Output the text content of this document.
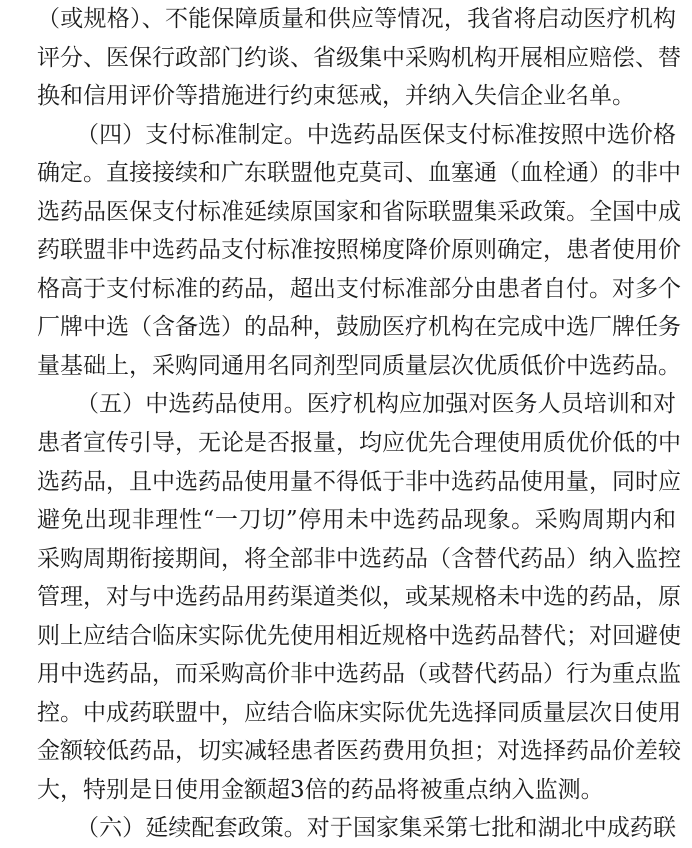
（或规格）、不能保障质量和供应等情况，我省将启动医疗机构
评分、医保行政部门约谈、省级集中采购机构开展相应赔偿、替
换和信用评价等措施进行约束惩戒，并纳入失信企业名单。
（四）支付标准制定。中选药品医保支付标准按照中选价格
确定。直接接续和广东联盟他克莫司、血塞通（血栓通）的非中
选药品医保支付标准延续原国家和省际联盟集采政策。全国中成
药联盟非中选药品支付标准按照梯度降价原则确定，患者使用价
格高于支付标准的药品，超出支付标准部分由患者自付。对多个
厂牌中选（含备选）的品种，鼓励医疗机构在完成中选厂牌任务
量基础上，采购同通用名同剂型同质量层次优质低价中选药品。
（五）中选药品使用。医疗机构应加强对医务人员培训和对
患者宣传引导，无论是否报量，均应优先合理使用质优价低的中
选药品，且中选药品使用量不得低于非中选药品使用量，同时应
避免出现非理性“一刀切”停用未中选药品现象。采购周期内和
采购周期衔接期间，将全部非中选药品（含替代药品）纳入监控
管理，对与中选药品用药渠道类似，或某规格未中选的药品，原
则上应结合临床实际优先使用相近规格中选药品替代；对回避使
用中选药品，而采购高价非中选药品（或替代药品）行为重点监
控。中成药联盟中，应结合临床实际优先选择同质量层次日使用
金额较低药品，切实减轻患者医药费用负担；对选择药品价差较
大，特别是日使用金额超3倍的药品将被重点纳入监测。
（六）延续配套政策。对于国家集采第七批和湖北中成药联
